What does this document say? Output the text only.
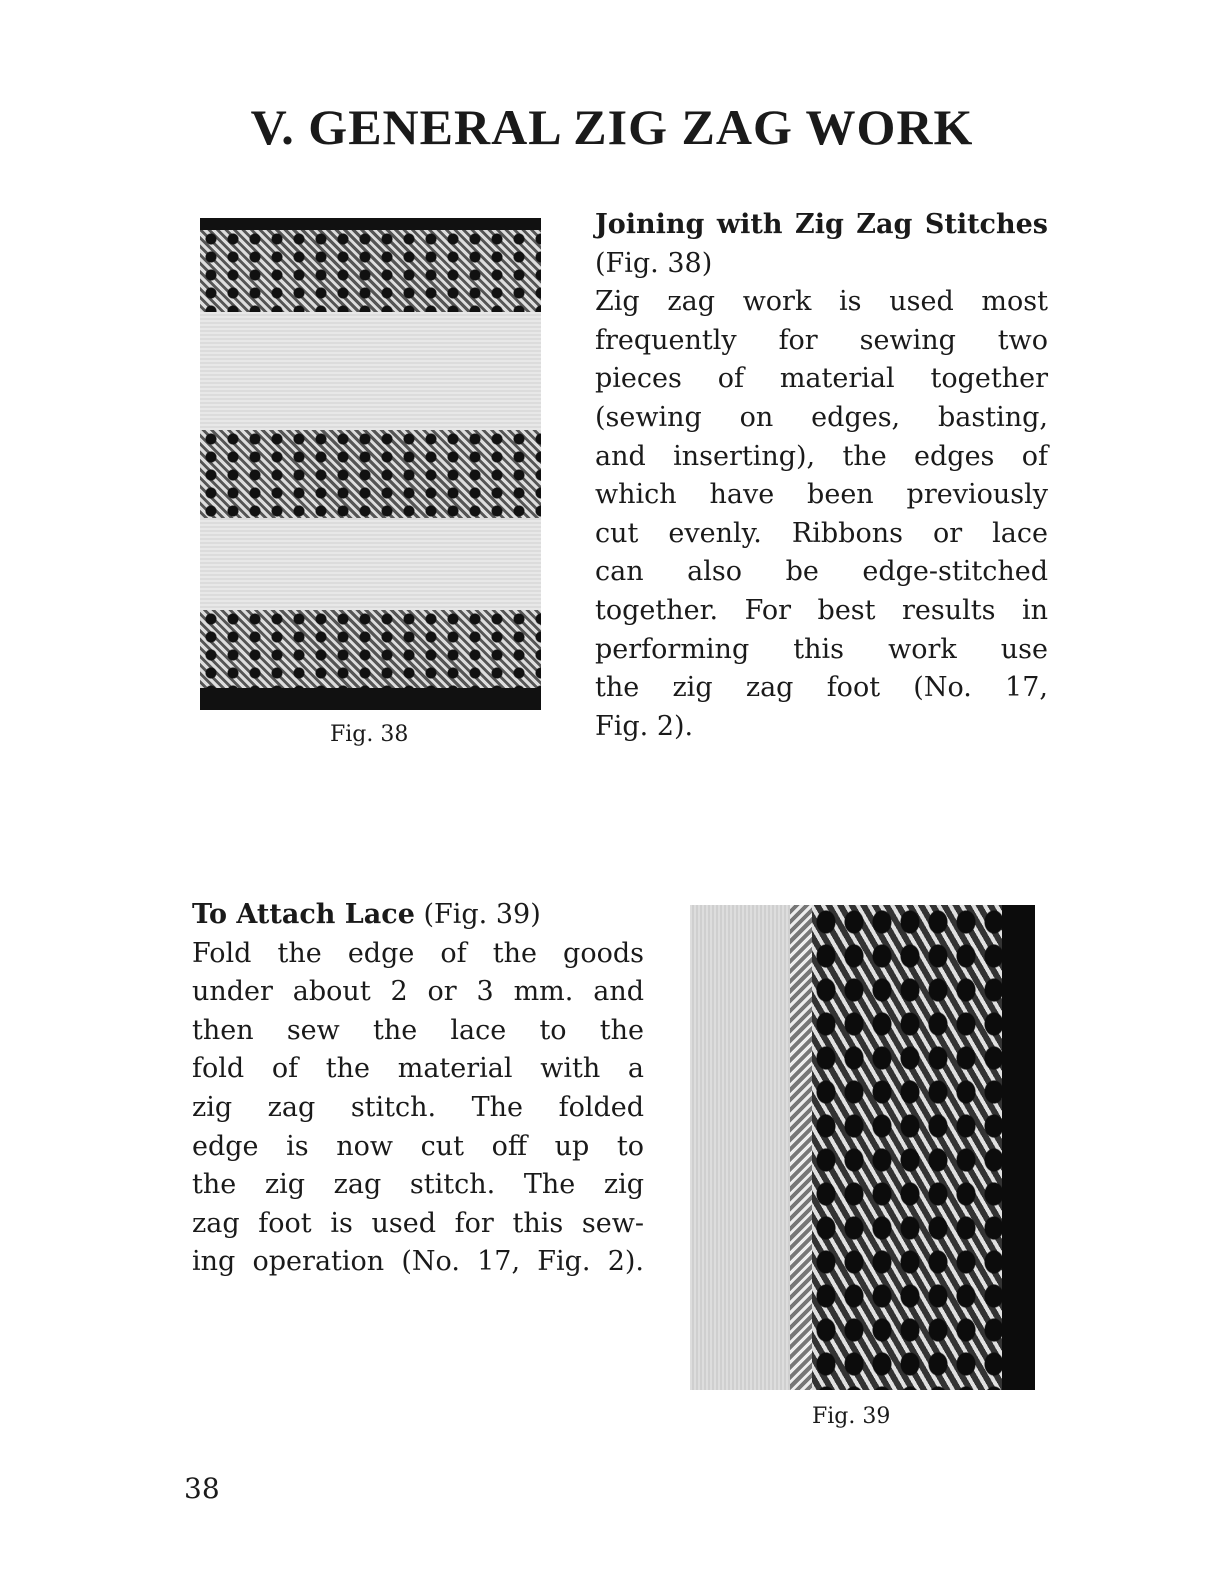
V. GENERAL ZIG ZAG WORK
Fig. 38
Joining with Zig Zag Stitches
(Fig. 38)
Zig zag work is used most
frequently for sewing two
pieces of material together
(sewing on edges, basting,
and inserting), the edges of
which have been previously
cut evenly. Ribbons or lace
can also be edge-stitched
together. For best results in
performing this work use
the zig zag foot (No. 17,
Fig. 2).
To Attach Lace (Fig. 39)
Fold the edge of the goods
under about 2 or 3 mm. and
then sew the lace to the
fold of the material with a
zig zag stitch. The folded
edge is now cut off up to
the zig zag stitch. The zig
zag foot is used for this sew-
ing operation (No. 17, Fig. 2).
Fig. 39
38
